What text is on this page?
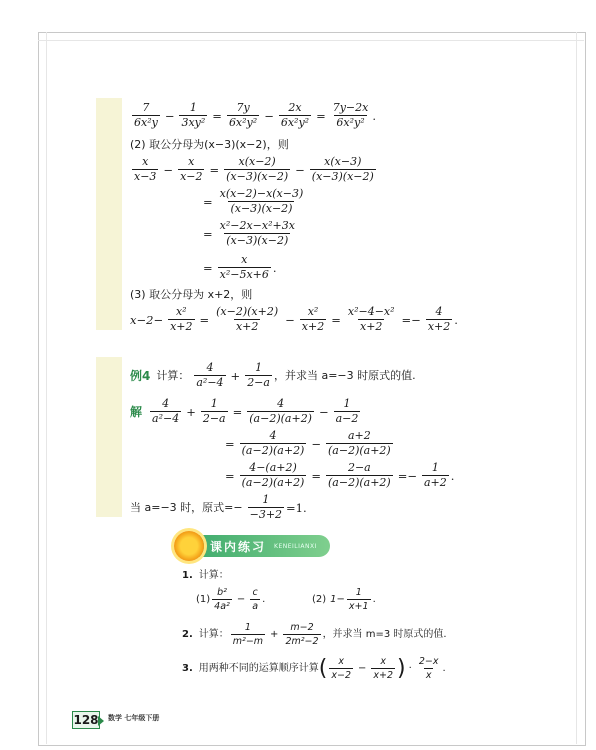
$\frac{7}{\text{6x²y}} - \frac{1}{\text{3xy²}} = \frac{7y}{\text{6x²y²}} - \frac{2x}{\text{6x²y²}} = \frac{7y-2x}{\text{6x²y²}}$ .
(2) 取公分母为(x−3)(x−2)，则
$\frac{x}{x-3} - \frac{x}{x-2} = \frac{x(x-2)}{(x-3)(x-2)} - \frac{x(x-3)}{(x-3)(x-2)}$
= $\frac{x(x-2)-x(x-3)}{(x-3)(x-2)}$
= $\frac{\text{x²−2x−x²+3x}}{(x-3)(x-2)}$
= $\frac{x}{\text{x²−5x+6}}$ .
(3) 取公分母为 x+2，则
$x-2- \frac{\text{x²}}{x+2} = \frac{(x-2)(x+2)}{x+2} - \frac{\text{x²}}{x+2} = \frac{\text{x²−4−x²}}{x+2} =- \frac{4}{x+2}$ .
例4 计算： $\frac{4}{\text{a²−4}} + \frac{1}{2-a}$ ，并求当 a=−3 时原式的值.
解 $\frac{4}{\text{a²−4}} + \frac{1}{2-a} = \frac{4}{(a-2)(a+2)} - \frac{1}{a-2}$
= $\frac{4}{(a-2)(a+2)} - \frac{a+2}{(a-2)(a+2)}$
= $\frac{4-(a+2)}{(a-2)(a+2)} = \frac{2-a}{(a-2)(a+2)} =- \frac{1}{a+2}$ .
当 a=−3 时，原式=− $\frac{1}{-3+2} =1$.
课内练习 KENEILIANXI
1. 计算：
$(1) \frac{\text{b²}}{\text{4a²}} - \frac{c}{a}$ .	(2) $1- \frac{1}{x+1}$ .
2. 计算： $\frac{1}{\text{m²−m}} + \frac{m-2}{\text{2m²−2}}$ ，并求当 m=3 时原式的值.
3. 用两种不同的运算顺序计算 ( $\frac{x}{x-2} - \frac{x}{x+2}$ ) · $\frac{2-x}{x}$ .
128 数学 七年级下册
